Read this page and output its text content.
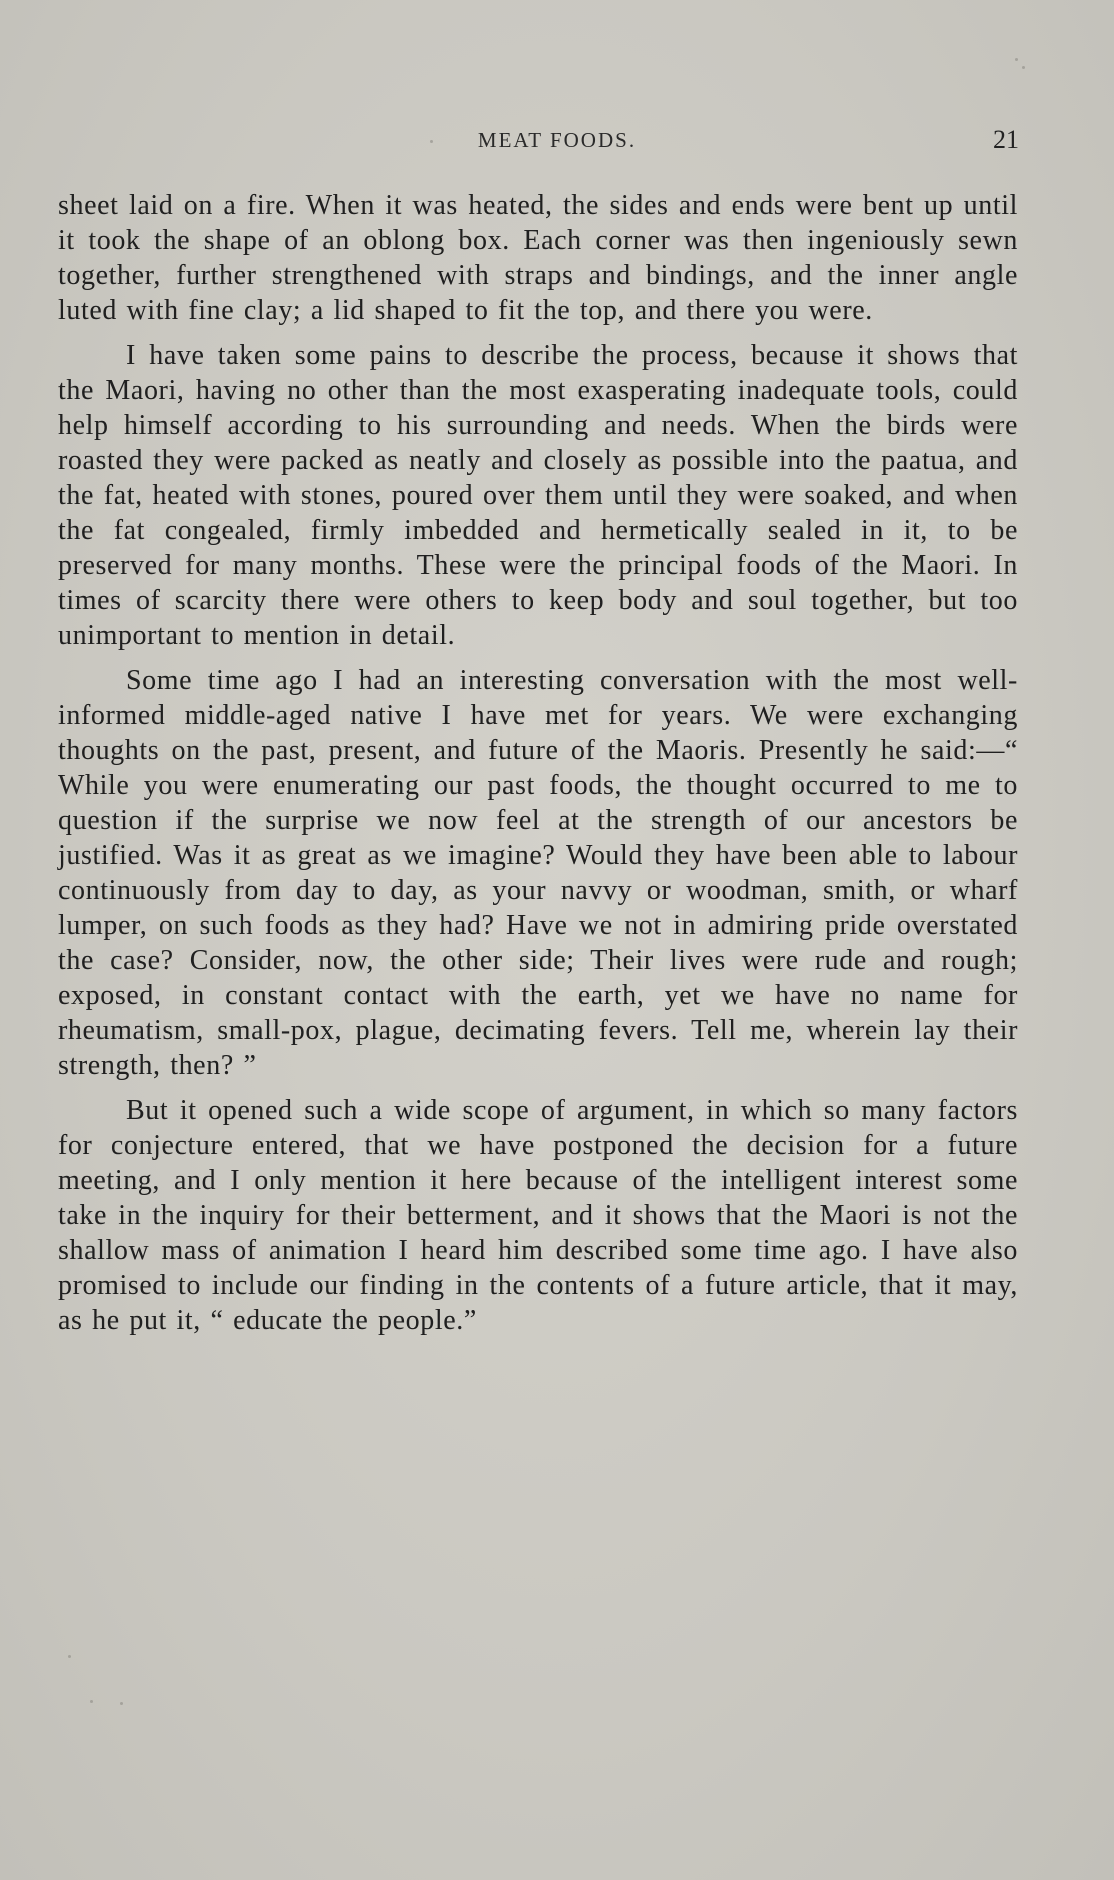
MEAT FOODS.	21

sheet laid on a fire. When it was heated, the sides and ends were bent up until it took the shape of an oblong box. Each corner was then ingeniously sewn together, further strengthened with straps and bindings, and the inner angle luted with fine clay; a lid shaped to fit the top, and there you were.

I have taken some pains to describe the process, because it shows that the Maori, having no other than the most exasperating inadequate tools, could help himself according to his surrounding and needs. When the birds were roasted they were packed as neatly and closely as possible into the paatua, and the fat, heated with stones, poured over them until they were soaked, and when the fat congealed, firmly imbedded and hermetically sealed in it, to be preserved for many months. These were the principal foods of the Maori. In times of scarcity there were others to keep body and soul together, but too unimportant to mention in detail.

Some time ago I had an interesting conversation with the most well-informed middle-aged native I have met for years. We were exchanging thoughts on the past, present, and future of the Maoris. Presently he said:—“ While you were enumerating our past foods, the thought occurred to me to question if the surprise we now feel at the strength of our ancestors be justified. Was it as great as we imagine? Would they have been able to labour continuously from day to day, as your navvy or woodman, smith, or wharf lumper, on such foods as they had? Have we not in admiring pride overstated the case? Consider, now, the other side; Their lives were rude and rough; exposed, in constant contact with the earth, yet we have no name for rheumatism, small-pox, plague, decimating fevers. Tell me, wherein lay their strength, then? ”

But it opened such a wide scope of argument, in which so many factors for conjecture entered, that we have postponed the decision for a future meeting, and I only mention it here because of the intelligent interest some take in the inquiry for their betterment, and it shows that the Maori is not the shallow mass of animation I heard him described some time ago. I have also promised to include our finding in the contents of a future article, that it may, as he put it, “ educate the people.”
